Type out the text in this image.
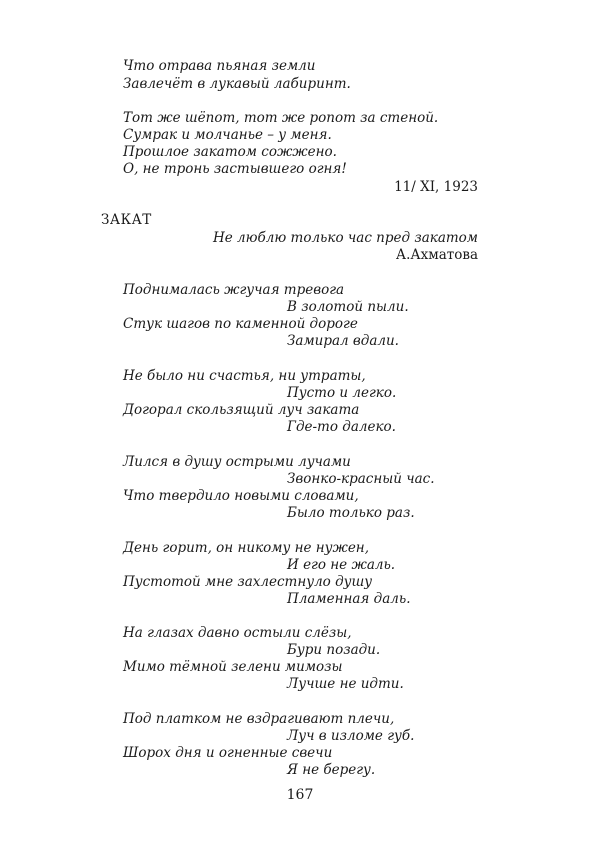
Что отрава пьяная земли
Завлечёт в лукавый лабиринт.
Тот же шёпот, тот же ропот за стеной.
Сумрак и молчанье – у меня.
Прошлое закатом сожжено.
О, не тронь застывшего огня!
11/ XI, 1923
ЗАКАТ
Не люблю только час пред закатом
А.Ахматова
Поднималась жгучая тревога
В золотой пыли.
Стук шагов по каменной дороге
Замирал вдали.
Не было ни счастья, ни утраты,
Пусто и легко.
Догорал скользящий луч заката
Где-то далеко.
Лился в душу острыми лучами
Звонко-красный час.
Что твердило новыми словами,
Было только раз.
День горит, он никому не нужен,
И его не жаль.
Пустотой мне захлестнуло душу
Пламенная даль.
На глазах давно остыли слёзы,
Бури позади.
Мимо тёмной зелени мимозы
Лучше не идти.
Под платком не вздрагивают плечи,
Луч в изломе губ.
Шорох дня и огненные свечи
Я не берегу.
167
